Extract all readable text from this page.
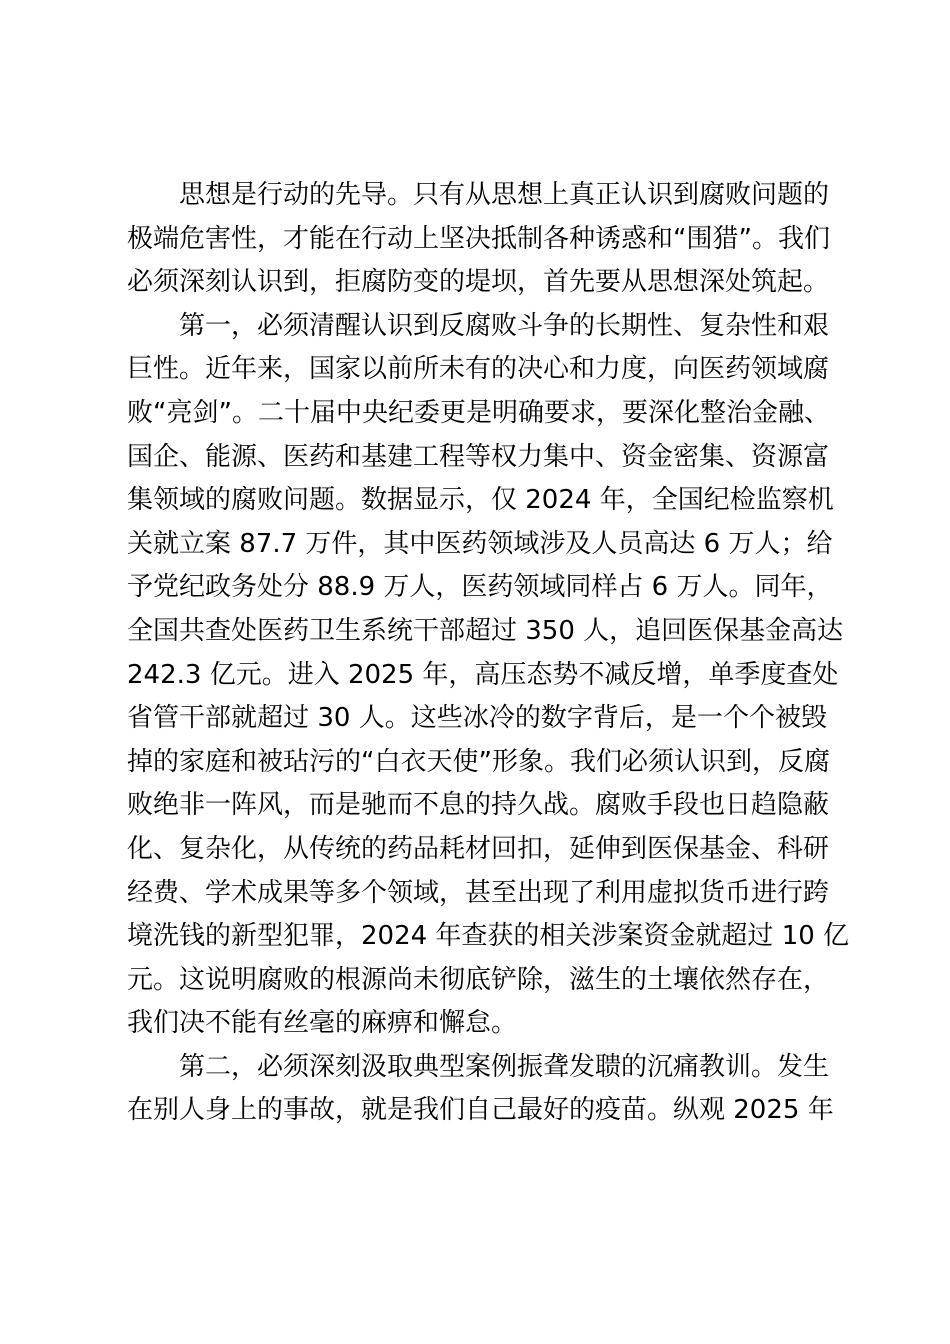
思想是行动的先导。只有从思想上真正认识到腐败问题的
极端危害性，才能在行动上坚决抵制各种诱惑和“围猎”。我们
必须深刻认识到，拒腐防变的堤坝，首先要从思想深处筑起。
第一，必须清醒认识到反腐败斗争的长期性、复杂性和艰
巨性。近年来，国家以前所未有的决心和力度，向医药领域腐
败“亮剑”。二十届中央纪委更是明确要求，要深化整治金融、
国企、能源、医药和基建工程等权力集中、资金密集、资源富
集领域的腐败问题。数据显示，仅 2024 年，全国纪检监察机
关就立案 87.7 万件，其中医药领域涉及人员高达 6 万人；给
予党纪政务处分 88.9 万人，医药领域同样占 6 万人。同年，
全国共查处医药卫生系统干部超过 350 人，追回医保基金高达
242.3 亿元。进入 2025 年，高压态势不减反增，单季度查处
省管干部就超过 30 人。这些冰冷的数字背后，是一个个被毁
掉的家庭和被玷污的“白衣天使”形象。我们必须认识到，反腐
败绝非一阵风，而是驰而不息的持久战。腐败手段也日趋隐蔽
化、复杂化，从传统的药品耗材回扣，延伸到医保基金、科研
经费、学术成果等多个领域，甚至出现了利用虚拟货币进行跨
境洗钱的新型犯罪，2024 年查获的相关涉案资金就超过 10 亿
元。这说明腐败的根源尚未彻底铲除，滋生的土壤依然存在，
我们决不能有丝毫的麻痹和懈怠。
第二，必须深刻汲取典型案例振聋发聩的沉痛教训。发生
在别人身上的事故，就是我们自己最好的疫苗。纵观 2025 年
